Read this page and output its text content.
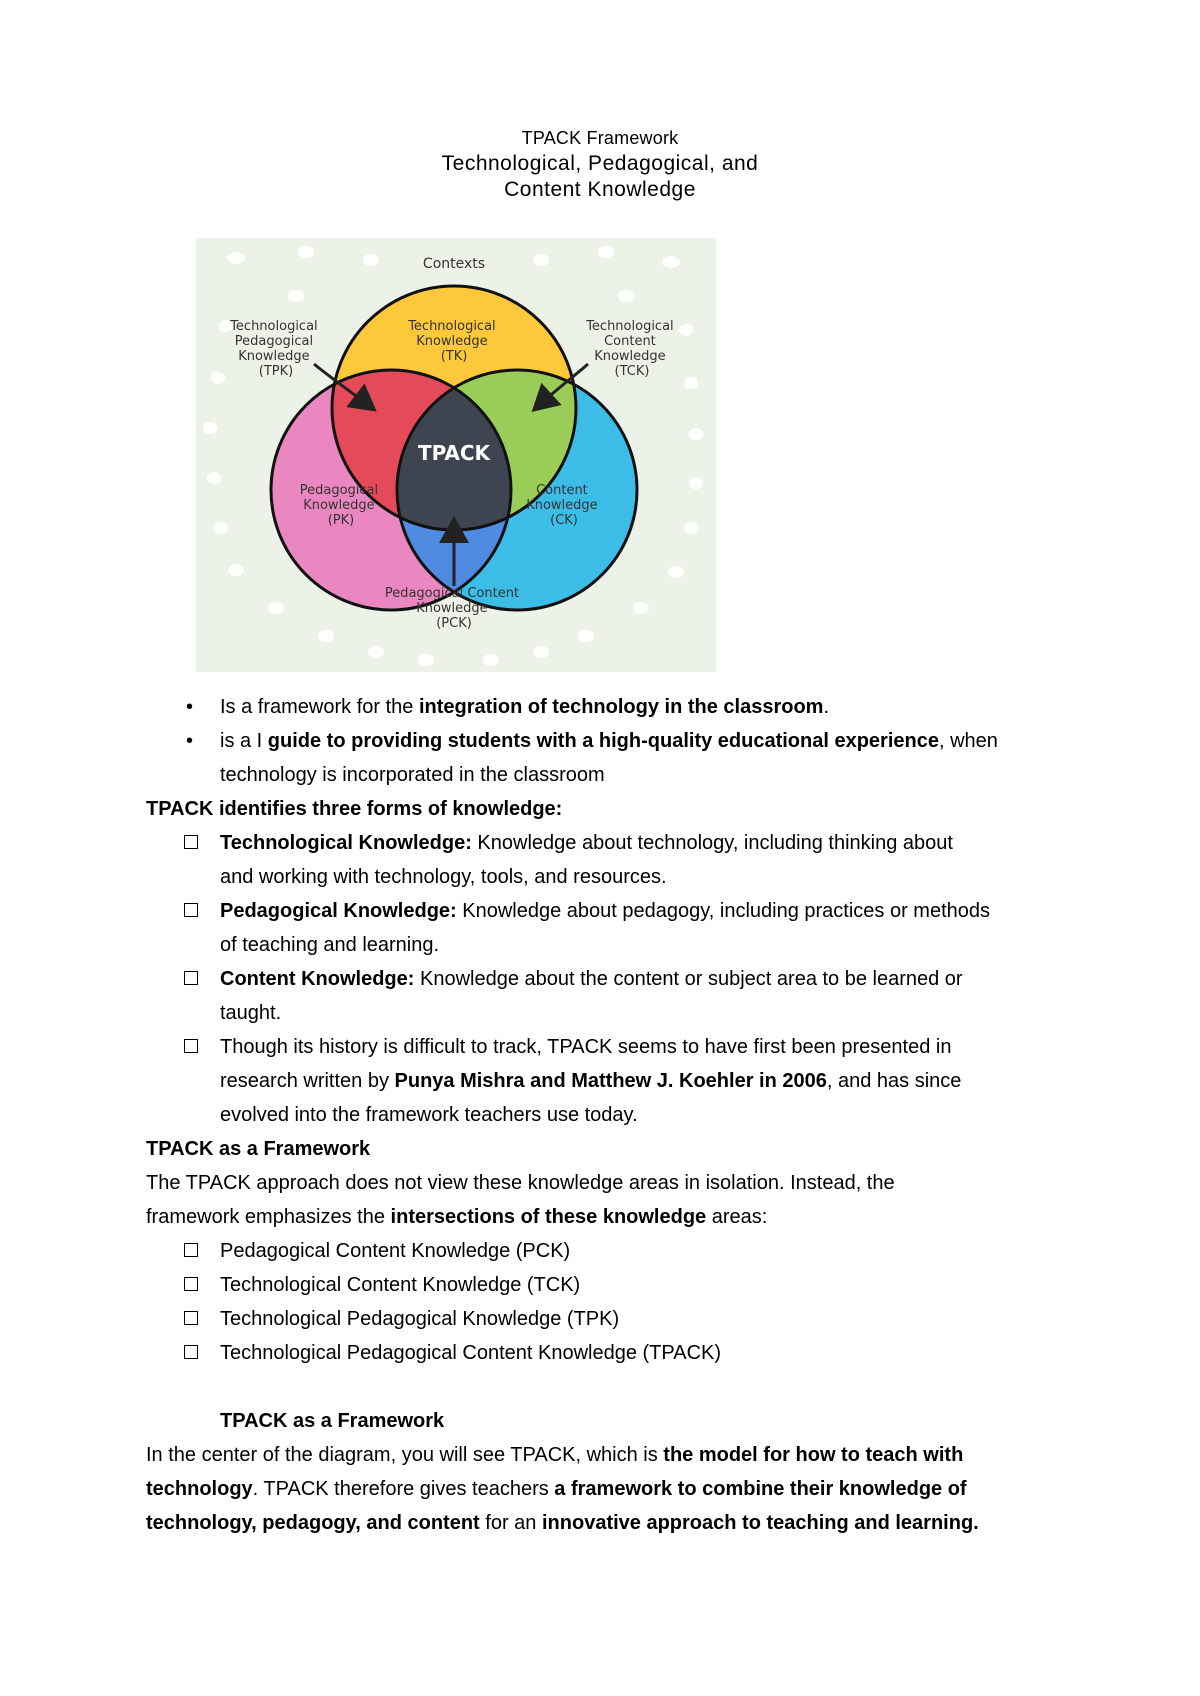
TPACK Framework
Technological, Pedagogical, and
Content Knowledge
Contexts
Technological Knowledge (TK)
Technological Pedagogical Knowledge (TPK)
Technological Content Knowledge (TCK)
Pedagogical Knowledge (PK)
Content Knowledge (CK)
TPACK
Pedagogical Content Knowledge (PCK)
• Is a framework for the integration of technology in the classroom.
• is a I guide to providing students with a high-quality educational experience, when
technology is incorporated in the classroom
TPACK identifies three forms of knowledge:
Technological Knowledge: Knowledge about technology, including thinking about
and working with technology, tools, and resources.
Pedagogical Knowledge: Knowledge about pedagogy, including practices or methods
of teaching and learning.
Content Knowledge: Knowledge about the content or subject area to be learned or
taught.
Though its history is difficult to track, TPACK seems to have first been presented in
research written by Punya Mishra and Matthew J. Koehler in 2006, and has since
evolved into the framework teachers use today.
TPACK as a Framework
The TPACK approach does not view these knowledge areas in isolation. Instead, the
framework emphasizes the intersections of these knowledge areas:
Pedagogical Content Knowledge (PCK)
Technological Content Knowledge (TCK)
Technological Pedagogical Knowledge (TPK)
Technological Pedagogical Content Knowledge (TPACK)
TPACK as a Framework
In the center of the diagram, you will see TPACK, which is the model for how to teach with
technology. TPACK therefore gives teachers a framework to combine their knowledge of
technology, pedagogy, and content for an innovative approach to teaching and learning.
